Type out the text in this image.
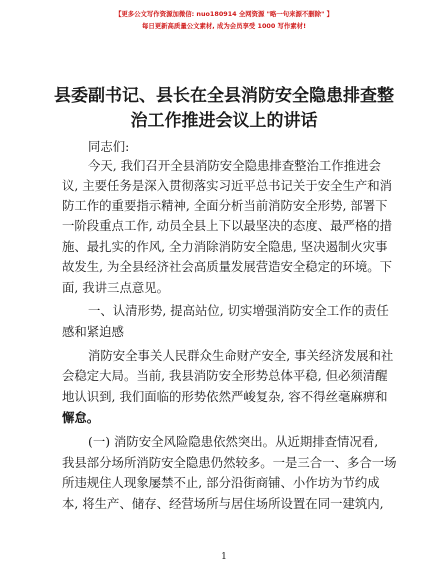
【更多公文写作资源加微信: nuo180914 全网资源 "略一句来源不删除" 】
每日更新高质量公文素材, 成为会员享受 1000 写作素材!
县委副书记、县长在全县消防安全隐患排查整
治工作推进会议上的讲话
同志们:
今天, 我们召开全县消防安全隐患排查整治工作推进会
议, 主要任务是深入贯彻落实习近平总书记关于安全生产和消
防工作的重要指示精神, 全面分析当前消防安全形势, 部署下
一阶段重点工作, 动员全县上下以最坚决的态度、最严格的措
施、最扎实的作风, 全力消除消防安全隐患, 坚决遏制火灾事
故发生, 为全县经济社会高质量发展营造安全稳定的环境。下
面, 我讲三点意见。
一、认清形势, 提高站位, 切实增强消防安全工作的责任
感和紧迫感
消防安全事关人民群众生命财产安全, 事关经济发展和社
会稳定大局。当前, 我县消防安全形势总体平稳, 但必须清醒
地认识到, 我们面临的形势依然严峻复杂, 容不得丝毫麻痹和
懈怠。
(一) 消防安全风险隐患依然突出。从近期排查情况看,
我县部分场所消防安全隐患仍然较多。一是三合一、多合一场
所违规住人现象屡禁不止, 部分沿街商铺、小作坊为节约成
本, 将生产、储存、经营场所与居住场所设置在同一建筑内,
1
